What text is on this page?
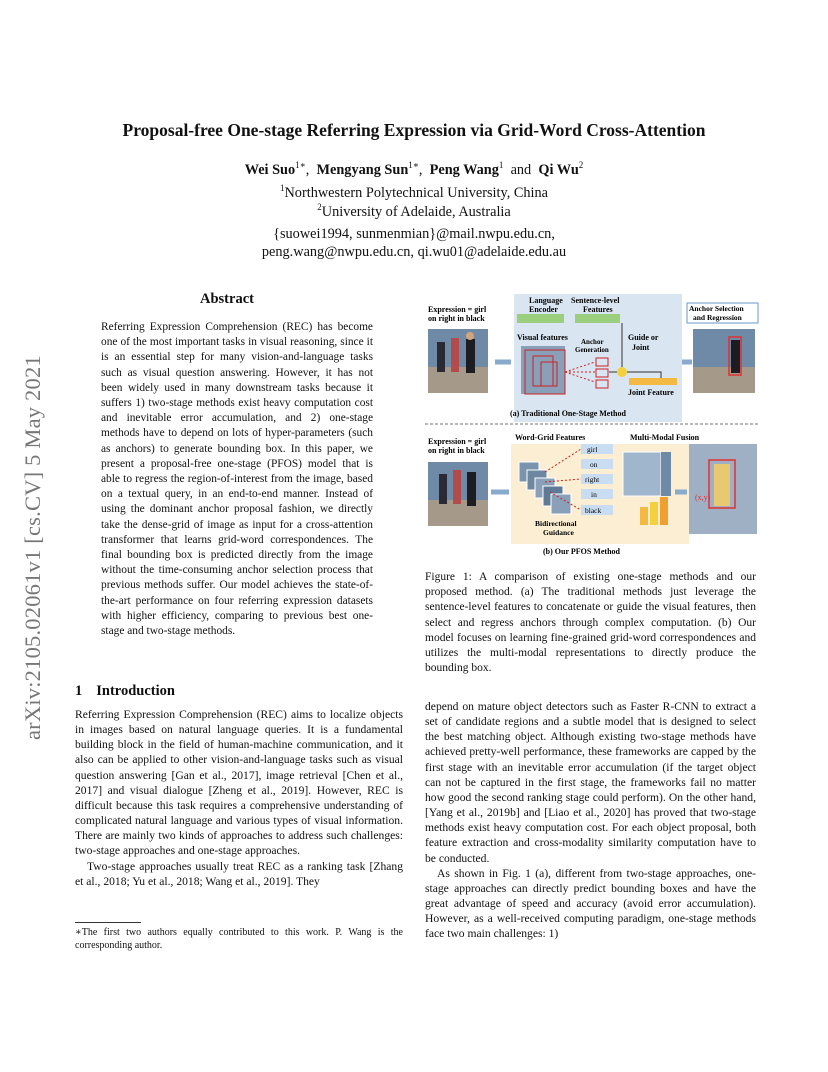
arXiv:2105.02061v1 [cs.CV] 5 May 2021
Proposal-free One-stage Referring Expression via Grid-Word Cross-Attention
Wei Suo$^{1∗}$, Mengyang Sun$^{1∗}$, Peng Wang$^1$ and Qi Wu$^2$
$^1$Northwestern Polytechnical University, China
$^2$University of Adelaide, Australia
{suowei1994, sunmenmian}@mail.nwpu.edu.cn,
peng.wang@nwpu.edu.cn, qi.wu01@adelaide.edu.au
Abstract
Referring Expression Comprehension (REC) has become one of the most important tasks in visual reasoning, since it is an essential step for many vision-and-language tasks such as visual question answering. However, it has not been widely used in many downstream tasks because it suffers 1) two-stage methods exist heavy computation cost and inevitable error accumulation, and 2) one-stage methods have to depend on lots of hyper-parameters (such as anchors) to generate bounding box. In this paper, we present a proposal-free one-stage (PFOS) model that is able to regress the region-of-interest from the image, based on a textual query, in an end-to-end manner. Instead of using the dominant anchor proposal fashion, we directly take the dense-grid of image as input for a cross-attention transformer that learns grid-word correspondences. The final bounding box is predicted directly from the image without the time-consuming anchor selection process that previous methods suffer. Our model achieves the state-of-the-art performance on four referring expression datasets with higher efficiency, comparing to previous best one-stage and two-stage methods.
Expression = girl
on right in black
Language
Encoder
Sentence-level
Features
Visual features Anchor
Generation
Guide or
Joint
Joint Feature
Anchor Selection
and Regression
(a) Traditional One-Stage Method
Expression = girl
on right in black
Word-Grid Features	Multi-Modal Fusion
girl
on
right
in
black
Bidirectional
Guidance
(x,y)
(b) Our PFOS Method
Figure 1: A comparison of existing one-stage methods and our proposed method. (a) The traditional methods just leverage the sentence-level features to concatenate or guide the visual features, then select and regress anchors through complex computation. (b) Our model focuses on learning fine-grained grid-word correspondences and utilizes the multi-modal representations to directly produce the bounding box.
1 Introduction

Referring Expression Comprehension (REC) aims to localize objects in images based on natural language queries. It is a fundamental building block in the field of human-machine communication, and it also can be applied to other vision-and-language tasks such as visual question answering [Gan et al., 2017], image retrieval [Chen et al., 2017] and visual dialogue [Zheng et al., 2019]. However, REC is difficult because this task requires a comprehensive understanding of complicated natural language and various types of visual information. There are mainly two kinds of approaches to address such challenges: two-stage approaches and one-stage approaches.

Two-stage approaches usually treat REC as a ranking task [Zhang et al., 2018; Yu et al., 2018; Wang et al., 2019]. They

∗The first two authors equally contributed to this work. P. Wang is the corresponding author.

depend on mature object detectors such as Faster R-CNN to extract a set of candidate regions and a subtle model that is designed to select the best matching object. Although existing two-stage methods have achieved pretty-well performance, these frameworks are capped by the first stage with an inevitable error accumulation (if the target object can not be captured in the first stage, the frameworks fail no matter how good the second ranking stage could perform). On the other hand, [Yang et al., 2019b] and [Liao et al., 2020] has proved that two-stage methods exist heavy computation cost. For each object proposal, both feature extraction and cross-modality similarity computation have to be conducted.

As shown in Fig. 1 (a), different from two-stage approaches, one-stage approaches can directly predict bounding boxes and have the great advantage of speed and accuracy (avoid error accumulation). However, as a well-received computing paradigm, one-stage methods face two main challenges: 1)
